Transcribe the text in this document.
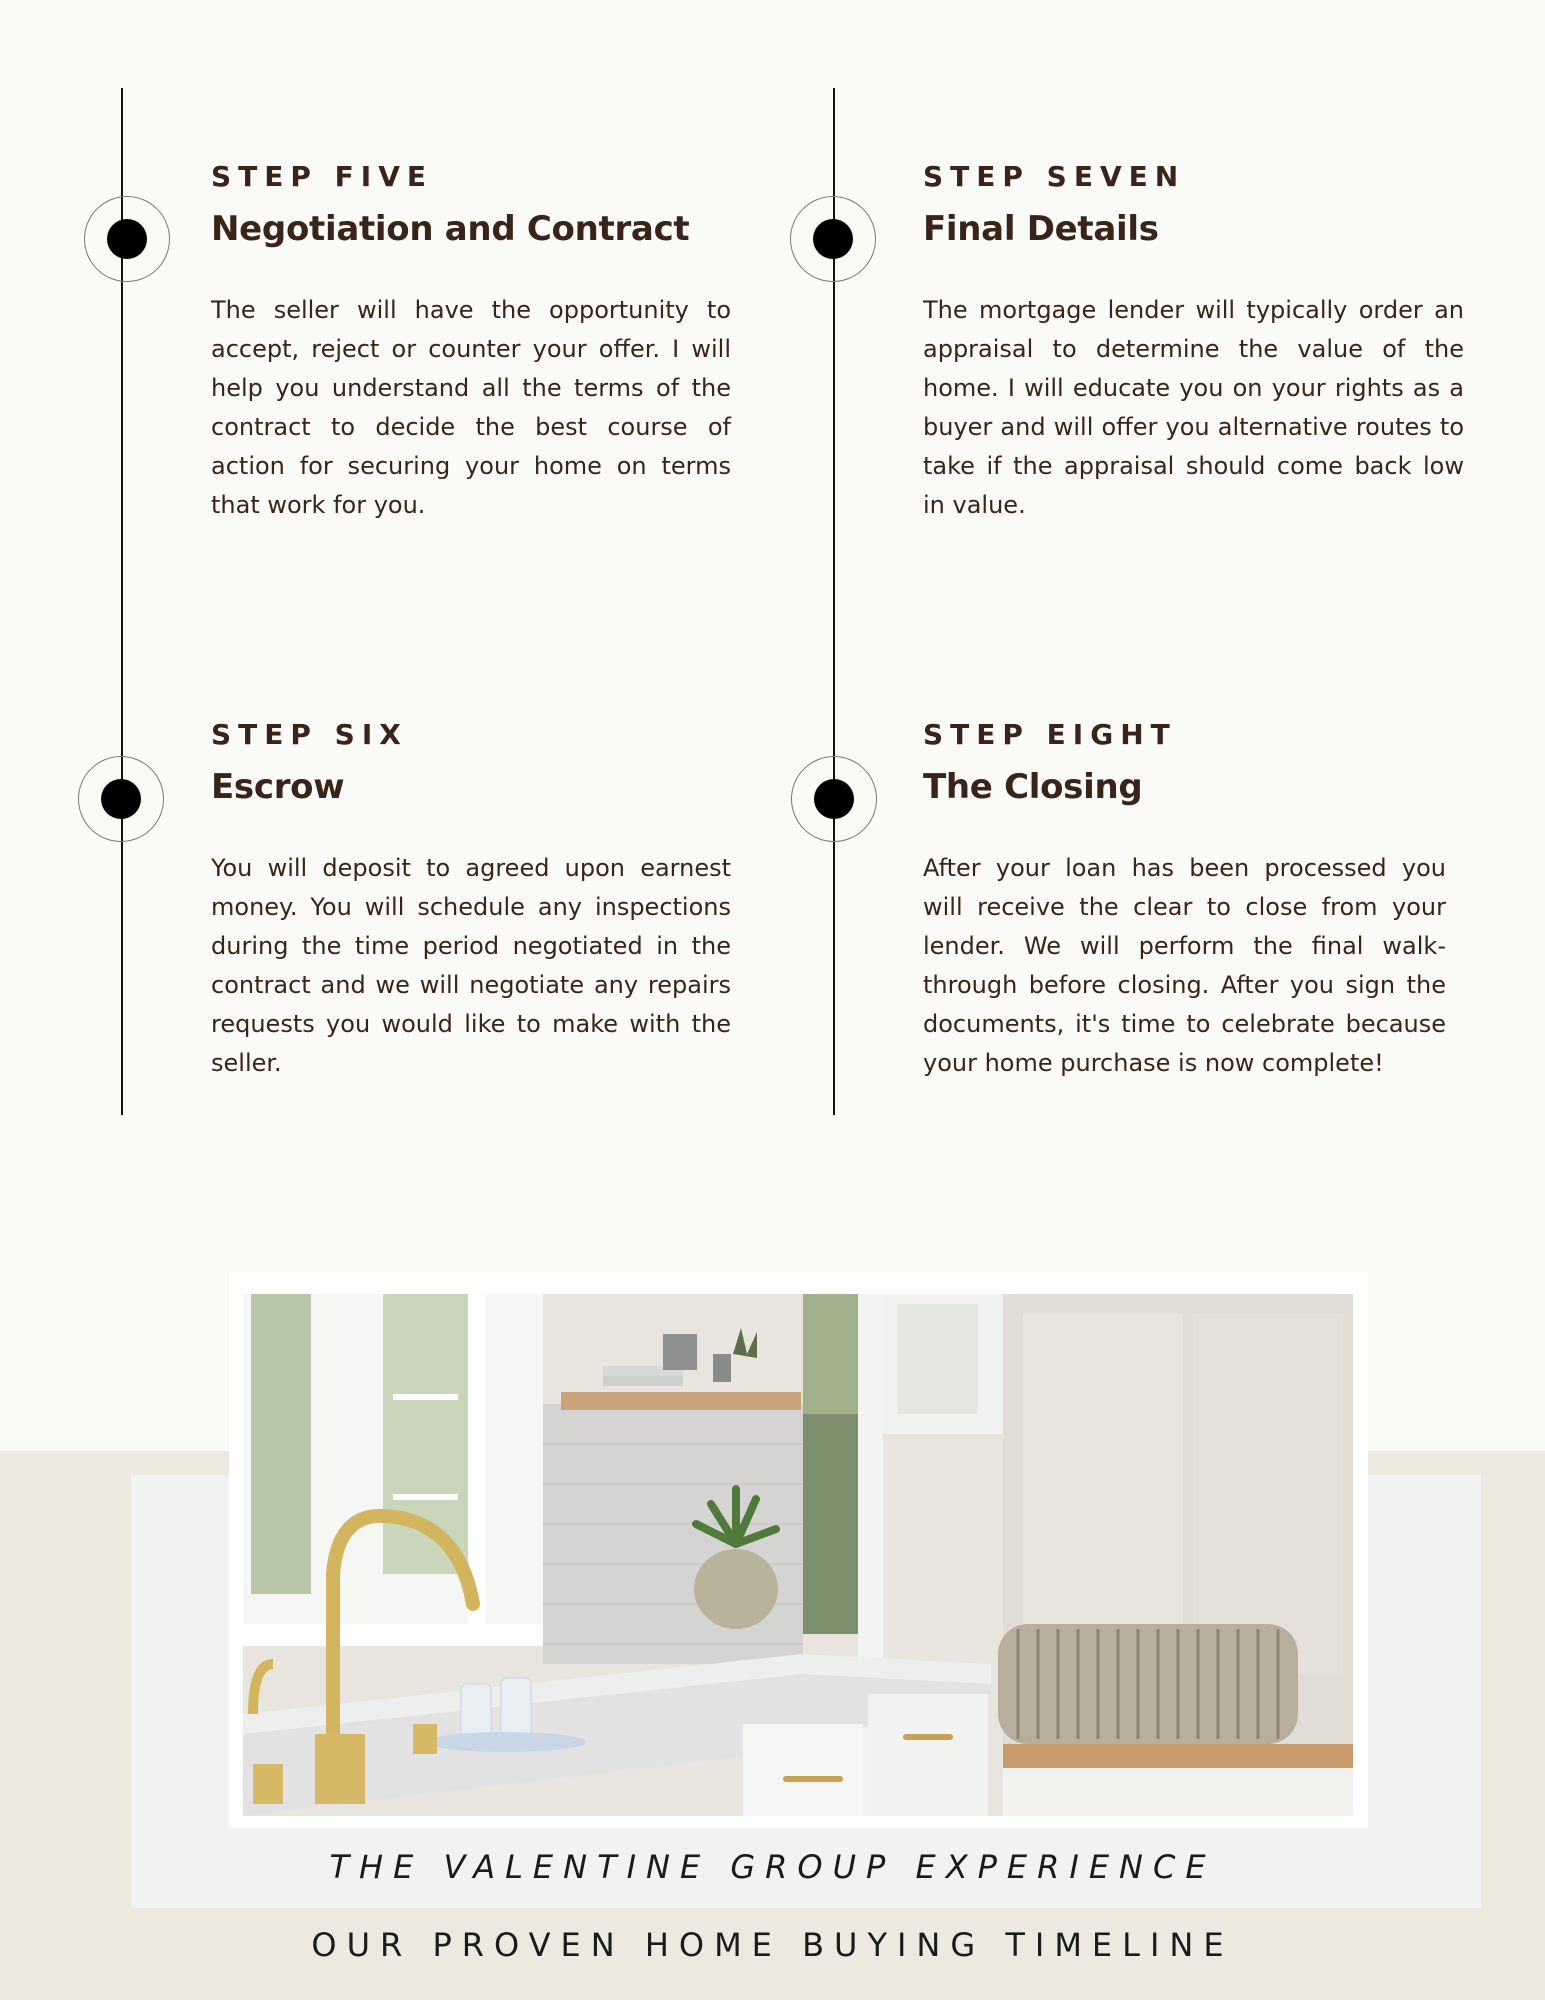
STEP FIVE

Negotiation and Contract

The seller will have the opportunity to accept, reject or counter your offer. I will help you understand all the terms of the contract to decide the best course of action for securing your home on terms that work for you.

STEP SIX

Escrow

You will deposit to agreed upon earnest money. You will schedule any inspections during the time period negotiated in the contract and we will negotiate any repairs requests you would like to make with the seller.

STEP SEVEN

Final Details

The mortgage lender will typically order an appraisal to determine the value of the home. I will educate you on your rights as a buyer and will offer you alternative routes to take if the appraisal should come back low in value.

STEP EIGHT

The Closing

After your loan has been processed you will receive the clear to close from your lender. We will perform the final walk-through before closing. After you sign the documents, it's time to celebrate because your home purchase is now complete!

THE VALENTINE GROUP EXPERIENCE
OUR PROVEN HOME BUYING TIMELINE
